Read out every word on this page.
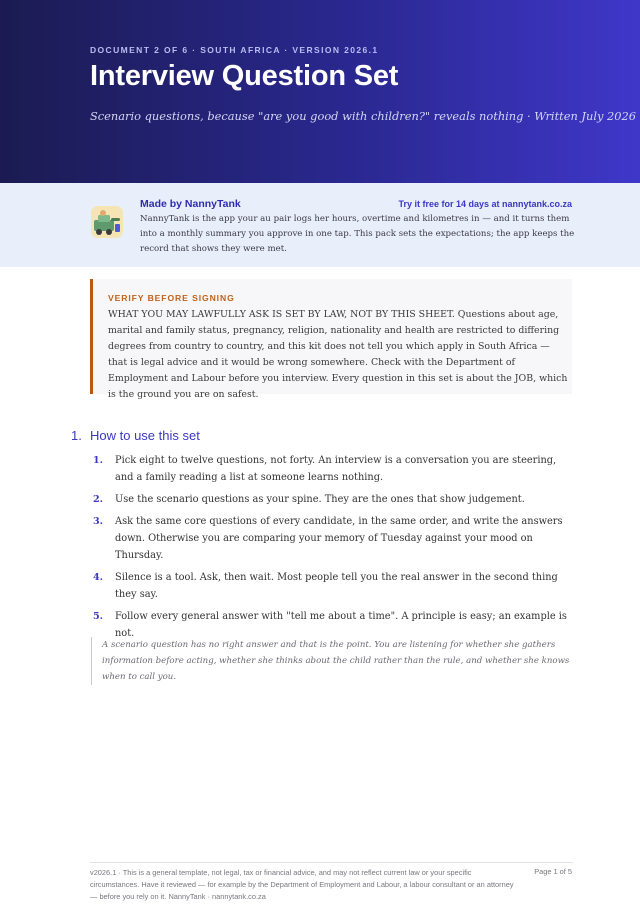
DOCUMENT 2 OF 6 · SOUTH AFRICA · VERSION 2026.1
Interview Question Set
Scenario questions, because "are you good with children?" reveals nothing · Written July 2026
Made by NannyTank	Try it free for 14 days at nannytank.co.za
NannyTank is the app your au pair logs her hours, overtime and kilometres in — and it turns them into a monthly summary you approve in one tap. This pack sets the expectations; the app keeps the record that shows they were met.
VERIFY BEFORE SIGNING
WHAT YOU MAY LAWFULLY ASK IS SET BY LAW, NOT BY THIS SHEET. Questions about age, marital and family status, pregnancy, religion, nationality and health are restricted to differing degrees from country to country, and this kit does not tell you which apply in South Africa — that is legal advice and it would be wrong somewhere. Check with the Department of Employment and Labour before you interview. Every question in this set is about the JOB, which is the ground you are on safest.
1. How to use this set
1. Pick eight to twelve questions, not forty. An interview is a conversation you are steering, and a family reading a list at someone learns nothing.
2. Use the scenario questions as your spine. They are the ones that show judgement.
3. Ask the same core questions of every candidate, in the same order, and write the answers down. Otherwise you are comparing your memory of Tuesday against your mood on Thursday.
4. Silence is a tool. Ask, then wait. Most people tell you the real answer in the second thing they say.
5. Follow every general answer with "tell me about a time". A principle is easy; an example is not.
A scenario question has no right answer and that is the point. You are listening for whether she gathers information before acting, whether she thinks about the child rather than the rule, and whether she knows when to call you.
v2026.1 · This is a general template, not legal, tax or financial advice, and may not reflect current law or your specific circumstances. Have it reviewed — for example by the Department of Employment and Labour, a labour consultant or an attorney — before you rely on it. NannyTank · nannytank.co.za
Page 1 of 5
